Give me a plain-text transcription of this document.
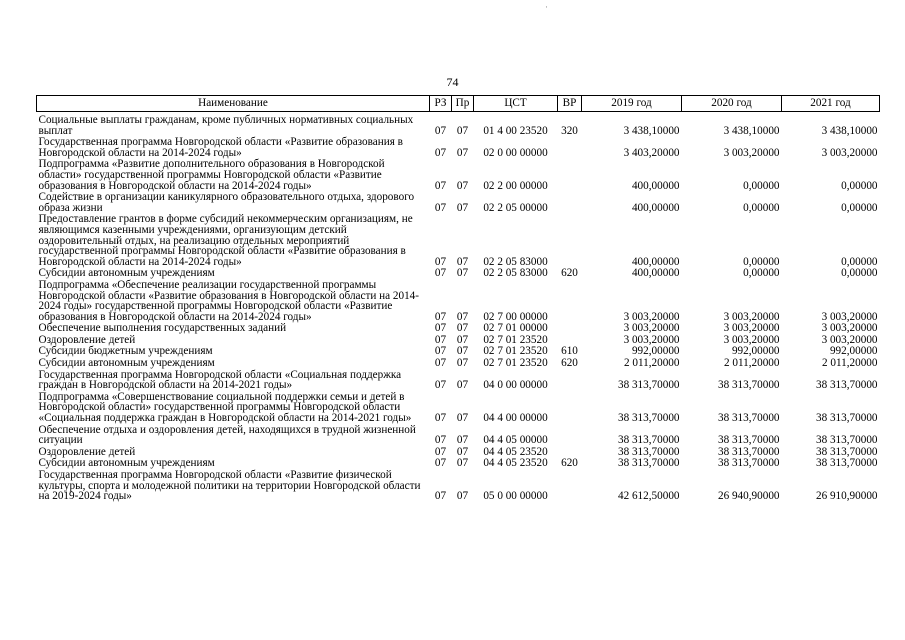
74
Наименование	РЗ	Пр	ЦСТ	ВР	2019 год	2020 год	2021 год
Социальные выплаты гражданам, кроме публичных нормативных социальных выплат	07	07	01 4 00 23520	320	3 438,10000	3 438,10000	3 438,10000
Государственная программа Новгородской области «Развитие образования в Новгородской области на 2014-2024 годы»	07	07	02 0 00 00000		3 403,20000	3 003,20000	3 003,20000
Подпрограмма «Развитие дополнительного образования в Новгородской области» государственной программы Новгородской области «Развитие образования в Новгородской области на 2014-2024 годы»	07	07	02 2 00 00000		400,00000	0,00000	0,00000
Содействие в организации каникулярного образовательного отдыха, здорового образа жизни	07	07	02 2 05 00000		400,00000	0,00000	0,00000
Предоставление грантов в форме субсидий некоммерческим организациям, не являющимся казенными учреждениями, организующим детский оздоровительный отдых, на реализацию отдельных мероприятий государственной программы Новгородской области «Развитие образования в Новгородской области на 2014-2024 годы»	07	07	02 2 05 83000		400,00000	0,00000	0,00000
Субсидии автономным учреждениям	07	07	02 2 05 83000	620	400,00000	0,00000	0,00000
Подпрограмма «Обеспечение реализации государственной программы Новгородской области «Развитие образования в Новгородской области на 2014-2024 годы» государственной программы Новгородской области «Развитие образования в Новгородской области на 2014-2024 годы»	07	07	02 7 00 00000		3 003,20000	3 003,20000	3 003,20000
Обеспечение выполнения государственных заданий	07	07	02 7 01 00000		3 003,20000	3 003,20000	3 003,20000
Оздоровление детей	07	07	02 7 01 23520		3 003,20000	3 003,20000	3 003,20000
Субсидии бюджетным учреждениям	07	07	02 7 01 23520	610	992,00000	992,00000	992,00000
Субсидии автономным учреждениям	07	07	02 7 01 23520	620	2 011,20000	2 011,20000	2 011,20000
Государственная программа Новгородской области «Социальная поддержка граждан в Новгородской области на 2014-2021 годы»	07	07	04 0 00 00000		38 313,70000	38 313,70000	38 313,70000
Подпрограмма «Совершенствование социальной поддержки семьи и детей в Новгородской области» государственной программы Новгородской области «Социальная поддержка граждан в Новгородской области на 2014-2021 годы»	07	07	04 4 00 00000		38 313,70000	38 313,70000	38 313,70000
Обеспечение отдыха и оздоровления детей, находящихся в трудной жизненной ситуации	07	07	04 4 05 00000		38 313,70000	38 313,70000	38 313,70000
Оздоровление детей	07	07	04 4 05 23520		38 313,70000	38 313,70000	38 313,70000
Субсидии автономным учреждениям	07	07	04 4 05 23520	620	38 313,70000	38 313,70000	38 313,70000
Государственная программа Новгородской области «Развитие физической культуры, спорта и молодежной политики на территории Новгородской области на 2019-2024 годы»	07	07	05 0 00 00000		42 612,50000	26 940,90000	26 910,90000
·
